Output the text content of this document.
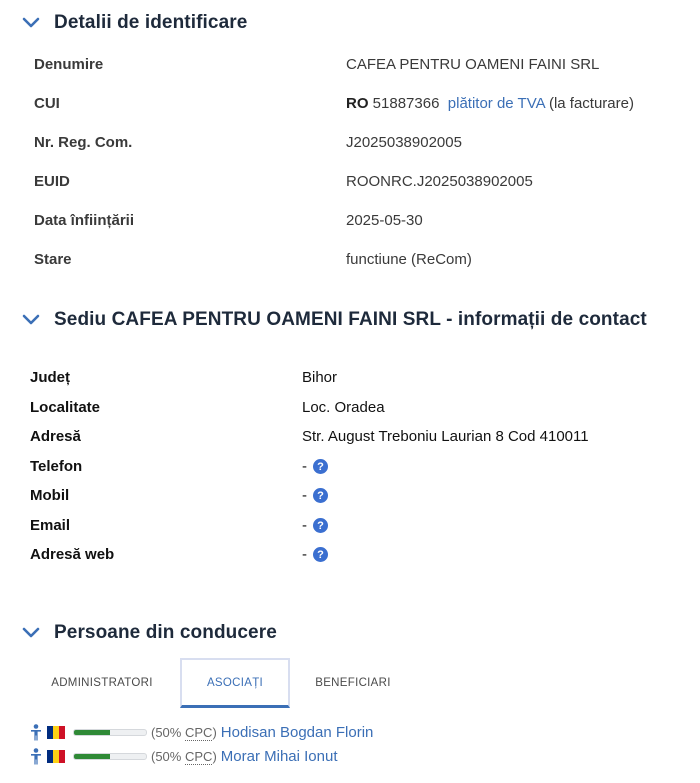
Detalii de identificare
Denumire	CAFEA PENTRU OAMENI FAINI SRL
CUI	RO 51887366 plătitor de TVA (la facturare)
Nr. Reg. Com.	J2025038902005
EUID	ROONRC.J2025038902005
Data înființării	2025-05-30
Stare	functiune (ReCom)
Sediu CAFEA PENTRU OAMENI FAINI SRL - informații de contact
Județ	Bihor
Localitate	Loc. Oradea
Adresă	Str. August Treboniu Laurian 8 Cod 410011
Telefon	- ?
Mobil	- ?
Email	- ?
Adresă web	- ?
Persoane din conducere
ADMINISTRATORI	ASOCIAȚI	BENEFICIARI
(50% CPC) Hodisan Bogdan Florin
(50% CPC) Morar Mihai Ionut
